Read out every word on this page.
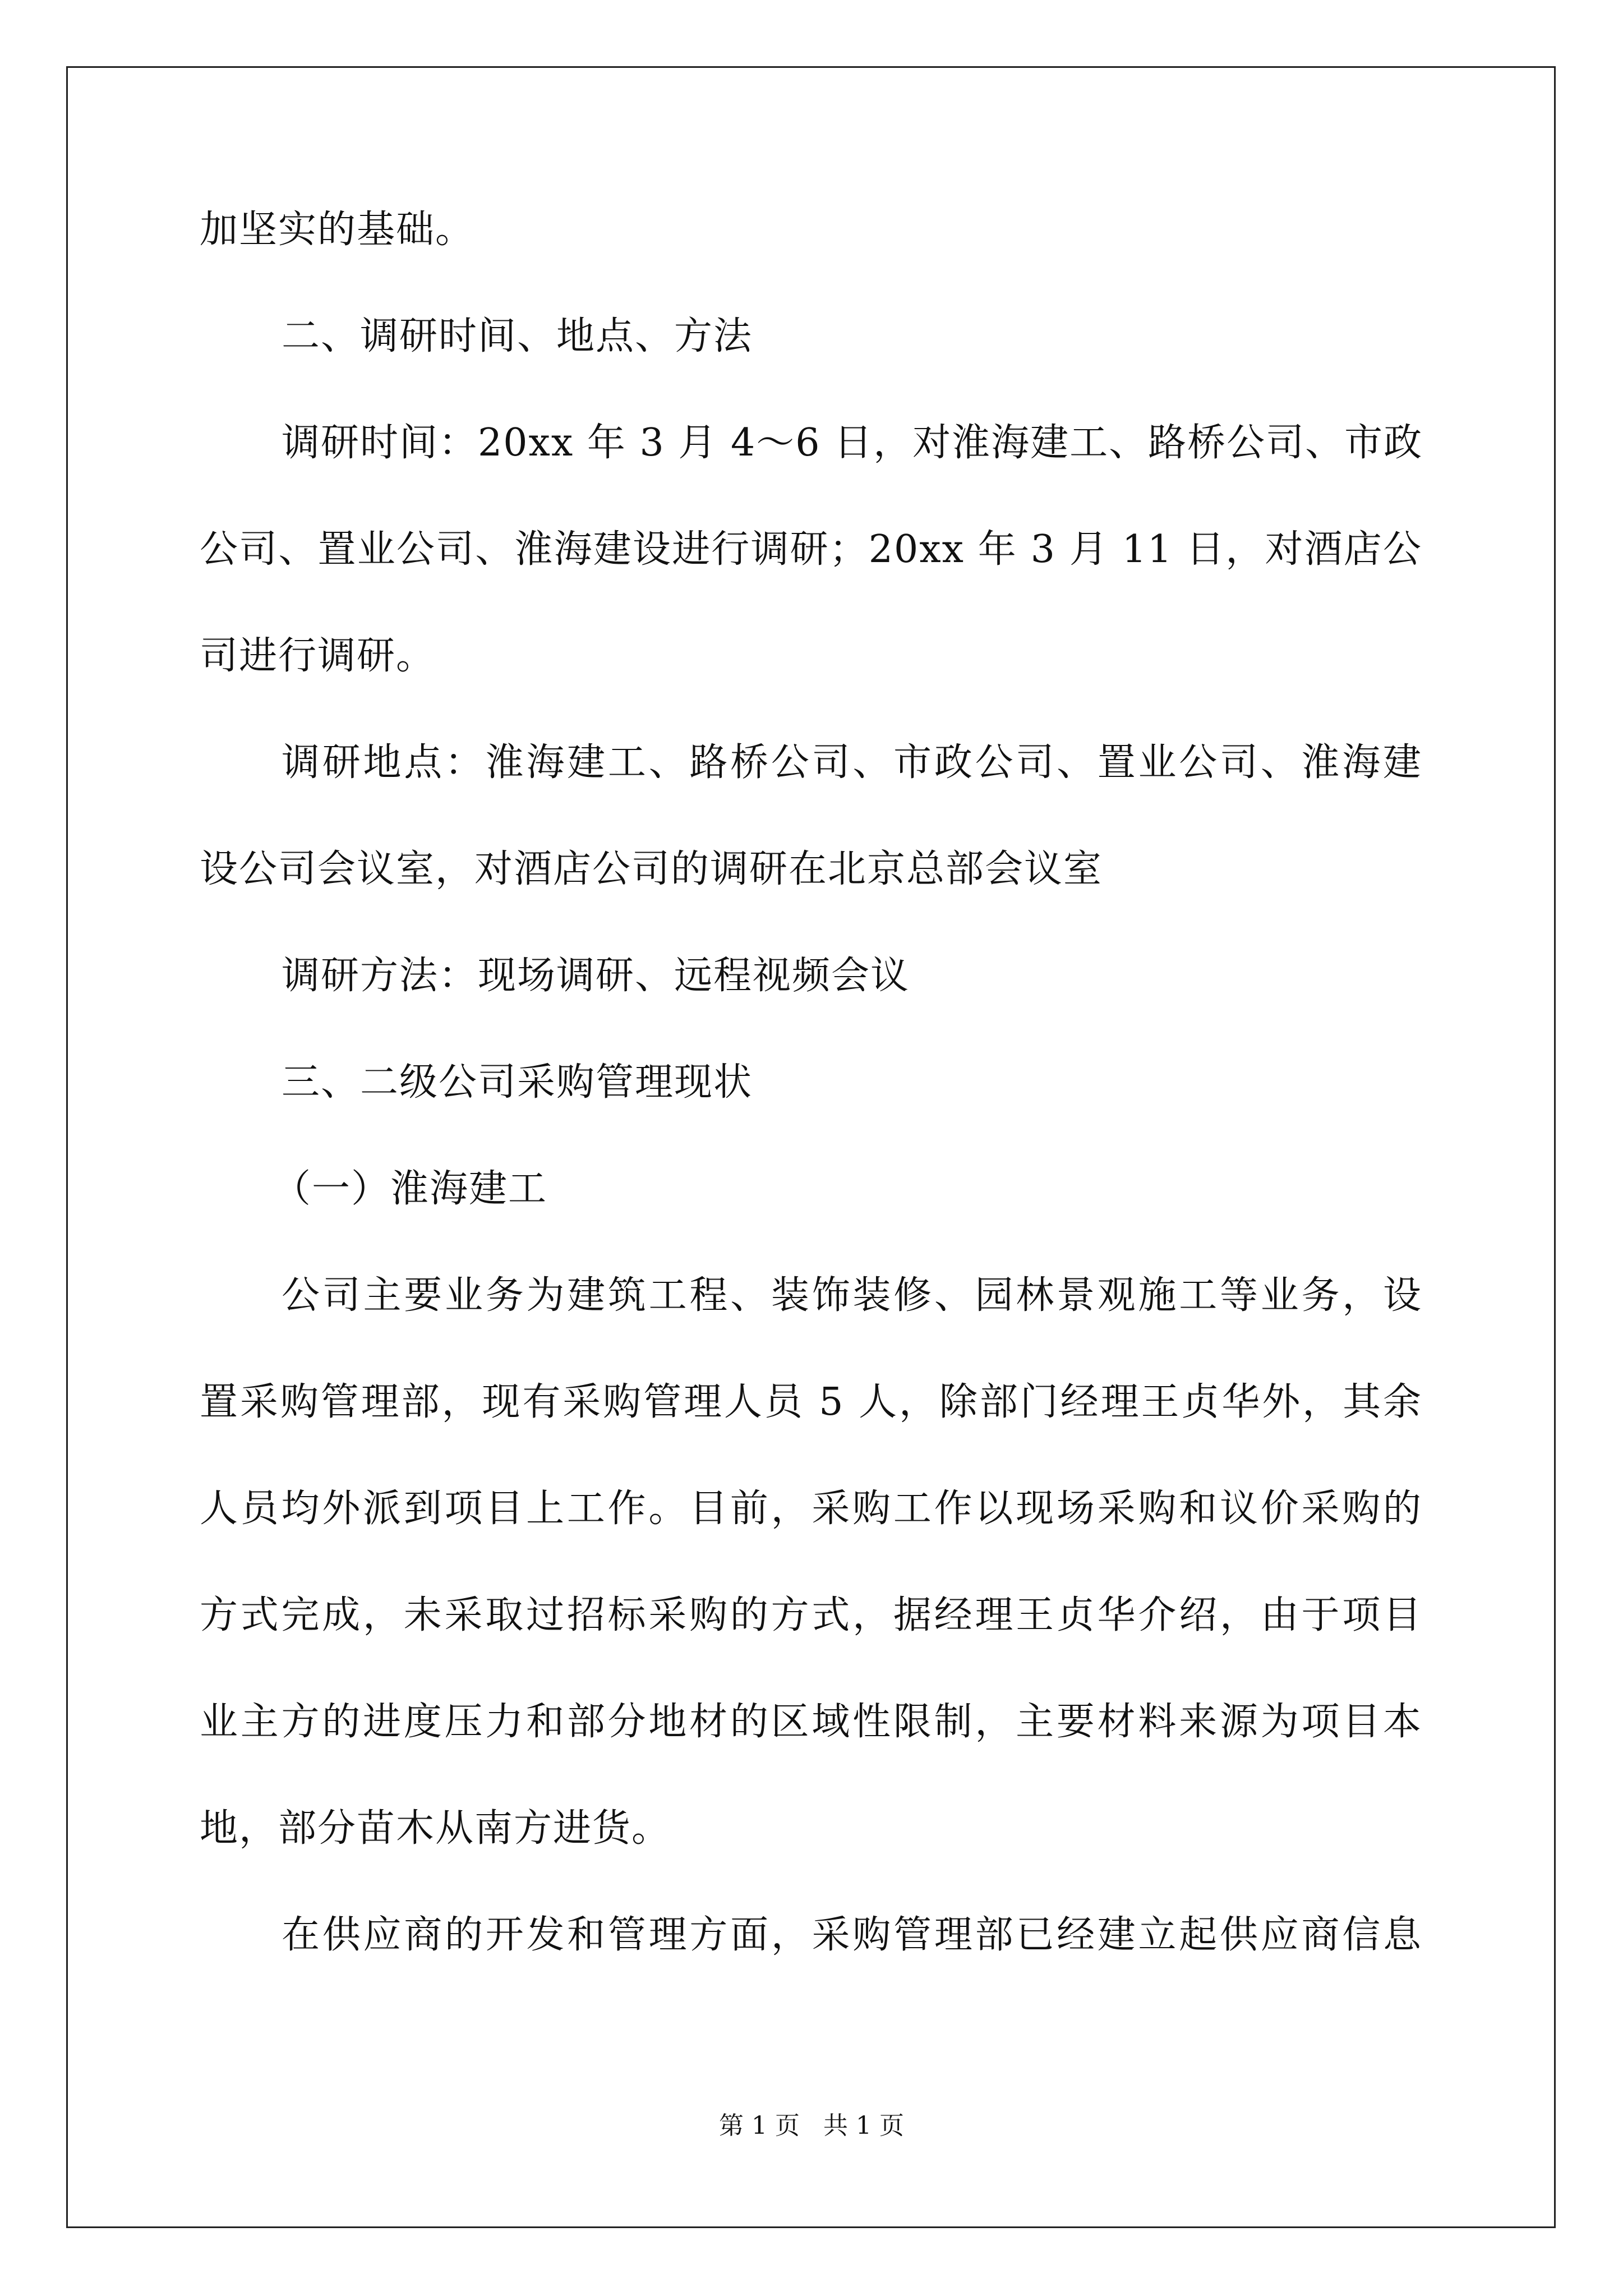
加坚实的基础。
二、调研时间、地点、方法
调研时间：20xx 年 3 月 4～6 日，对淮海建工、路桥公司、市政
公司、置业公司、淮海建设进行调研；20xx 年 3 月 11 日，对酒店公
司进行调研。
调研地点：淮海建工、路桥公司、市政公司、置业公司、淮海建
设公司会议室，对酒店公司的调研在北京总部会议室
调研方法：现场调研、远程视频会议
三、二级公司采购管理现状
（一）淮海建工
公司主要业务为建筑工程、装饰装修、园林景观施工等业务，设
置采购管理部，现有采购管理人员 5 人，除部门经理王贞华外，其余
人员均外派到项目上工作。目前，采购工作以现场采购和议价采购的
方式完成，未采取过招标采购的方式，据经理王贞华介绍，由于项目
业主方的进度压力和部分地材的区域性限制，主要材料来源为项目本
地，部分苗木从南方进货。
在供应商的开发和管理方面，采购管理部已经建立起供应商信息
第 1 页   共 1 页
